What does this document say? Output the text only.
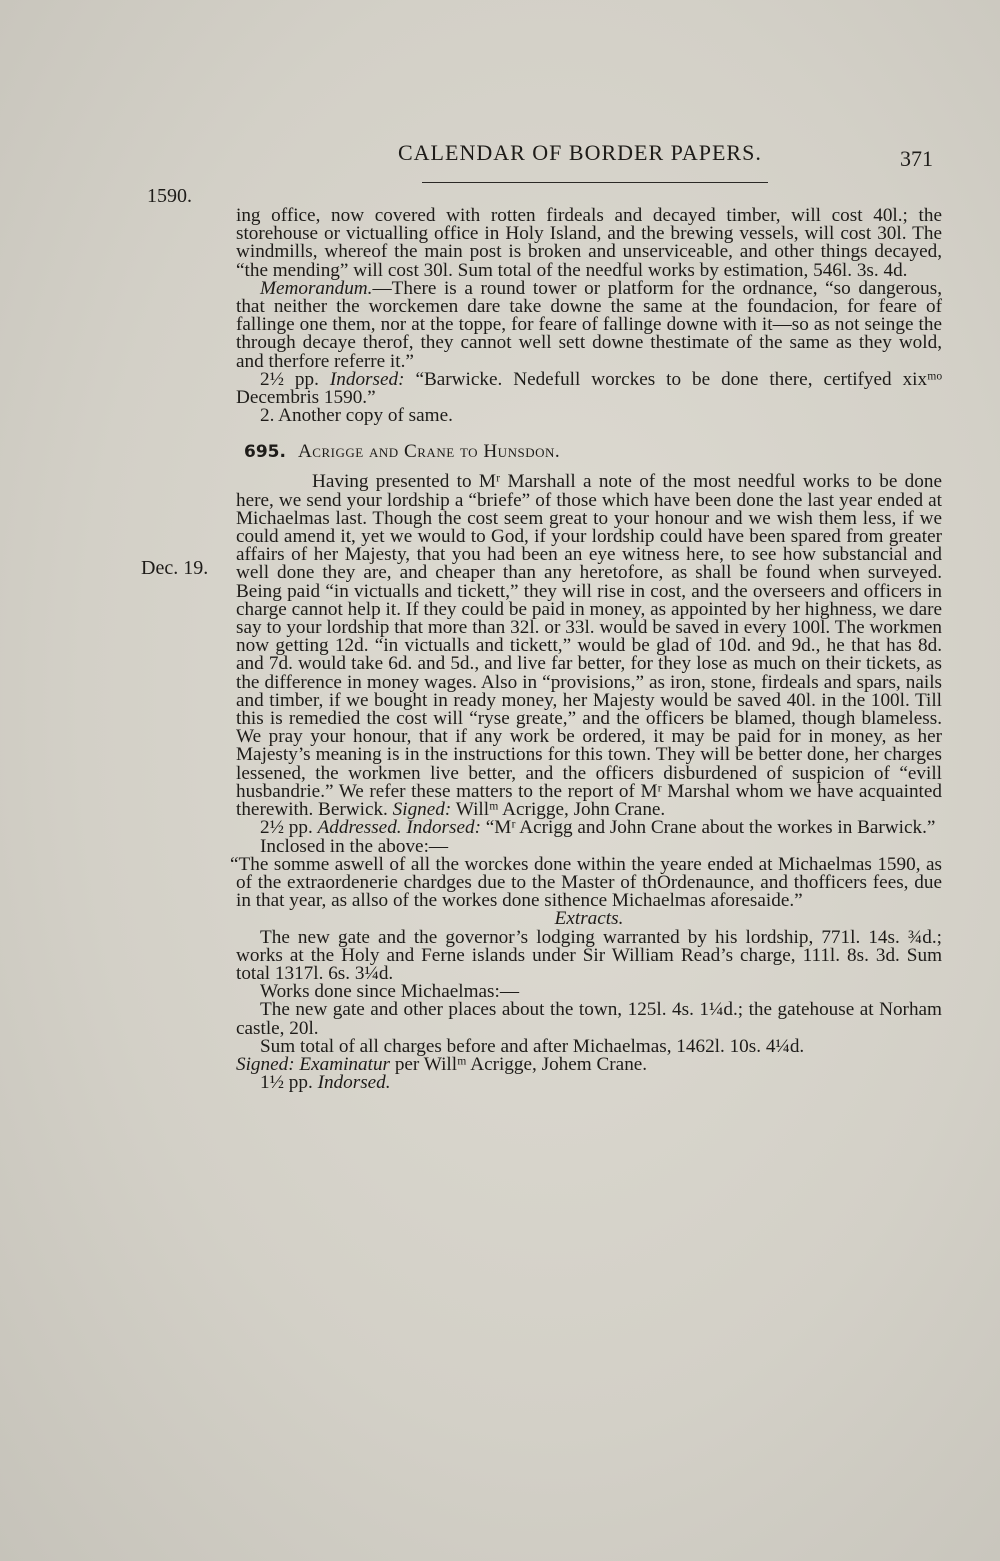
CALENDAR OF BORDER PAPERS.	371
1590.
Dec. 19.

ing office, now covered with rotten firdeals and decayed timber, will cost 40l.; the storehouse or victualling office in Holy Island, and the brewing vessels, will cost 30l. The windmills, whereof the main post is broken and unserviceable, and other things decayed, “the mending” will cost 30l. Sum total of the needful works by estimation, 546l. 3s. 4d.

Memorandum.—There is a round tower or platform for the ordnance, “so dangerous, that neither the worckemen dare take downe the same at the foundacion, for feare of fallinge one them, nor at the toppe, for feare of fallinge downe with it—so as not seinge the through decaye therof, they cannot well sett downe thestimate of the same as they wold, and therfore referre it.”

2½ pp. Indorsed: “Barwicke. Nedefull worckes to be done there, certifyed xixᵐᵒ Decembris 1590.”

2. Another copy of same.

695. Acrigge and Crane to Hunsdon.

Having presented to Mʳ Marshall a note of the most needful works to be done here, we send your lordship a “briefe” of those which have been done the last year ended at Michaelmas last. Though the cost seem great to your honour and we wish them less, if we could amend it, yet we would to God, if your lordship could have been spared from greater affairs of her Majesty, that you had been an eye witness here, to see how substancial and well done they are, and cheaper than any heretofore, as shall be found when surveyed. Being paid “in victualls and tickett,” they will rise in cost, and the overseers and officers in charge cannot help it. If they could be paid in money, as appointed by her highness, we dare say to your lordship that more than 32l. or 33l. would be saved in every 100l. The workmen now getting 12d. “in victualls and tickett,” would be glad of 10d. and 9d., he that has 8d. and 7d. would take 6d. and 5d., and live far better, for they lose as much on their tickets, as the difference in money wages. Also in “provisions,” as iron, stone, firdeals and spars, nails and timber, if we bought in ready money, her Majesty would be saved 40l. in the 100l. Till this is remedied the cost will “ryse greate,” and the officers be blamed, though blameless. We pray your honour, that if any work be ordered, it may be paid for in money, as her Majesty’s meaning is in the instructions for this town. They will be better done, her charges lessened, the workmen live better, and the officers disburdened of suspicion of “evill husbandrie.” We refer these matters to the report of Mʳ Marshal whom we have acquainted therewith. Berwick. Signed: Willᵐ Acrigge, John Crane.

2½ pp. Addressed. Indorsed: “Mʳ Acrigg and John Crane about the workes in Barwick.”

Inclosed in the above:—

“The somme aswell of all the worckes done within the yeare ended at Michaelmas 1590, as of the extraordenerie chardges due to the Master of thOrdenaunce, and thofficers fees, due in that year, as allso of the workes done sithence Michaelmas aforesaide.”

Extracts.

The new gate and the governor’s lodging warranted by his lordship, 771l. 14s. ¾d.; works at the Holy and Ferne islands under Sir William Read’s charge, 111l. 8s. 3d. Sum total 1317l. 6s. 3¼d.

Works done since Michaelmas:—

The new gate and other places about the town, 125l. 4s. 1¼d.; the gatehouse at Norham castle, 20l.

Sum total of all charges before and after Michaelmas, 1462l. 10s. 4¼d.

Signed: Examinatur per Willᵐ Acrigge, Johem Crane.

1½ pp. Indorsed.
